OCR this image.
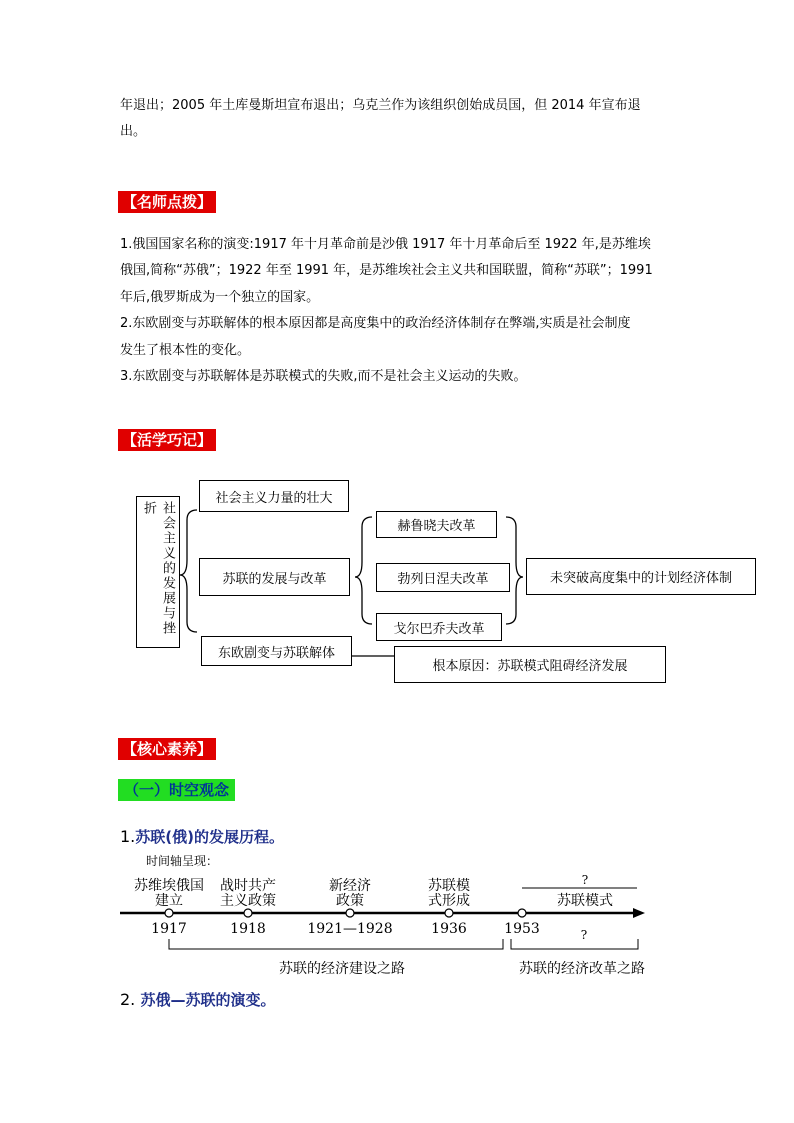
年退出；2005 年土库曼斯坦宣布退出；乌克兰作为该组织创始成员国，但 2014 年宣布退
出。
【名师点拨】
1.俄国国家名称的演变:1917 年十月革命前是沙俄 1917 年十月革命后至 1922 年,是苏维埃
俄国,简称“苏俄”；1922 年至 1991 年，是苏维埃社会主义共和国联盟，简称“苏联”；1991
年后,俄罗斯成为一个独立的国家。
2.东欧剧变与苏联解体的根本原因都是高度集中的政治经济体制存在弊端,实质是社会制度
发生了根本性的变化。
3.东欧剧变与苏联解体是苏联模式的失败,而不是社会主义运动的失败。
【活学巧记】
社会主义的发展与挫折
社会主义力量的壮大
苏联的发展与改革
东欧剧变与苏联解体
赫鲁晓夫改革
勃列日涅夫改革
戈尔巴乔夫改革
未突破高度集中的计划经济体制
根本原因：苏联模式阻碍经济发展
【核心素养】
（一）时空观念
1.苏联(俄)的发展历程。
时间轴呈现：
?
苏联模式
苏维埃俄国
建立
1917
战时共产
主义政策
1918
新经济
政策
1921—1928
苏联模
式形成
1936	1953	?
苏联的经济建设之路	苏联的经济改革之路
2. 苏俄—苏联的演变。
